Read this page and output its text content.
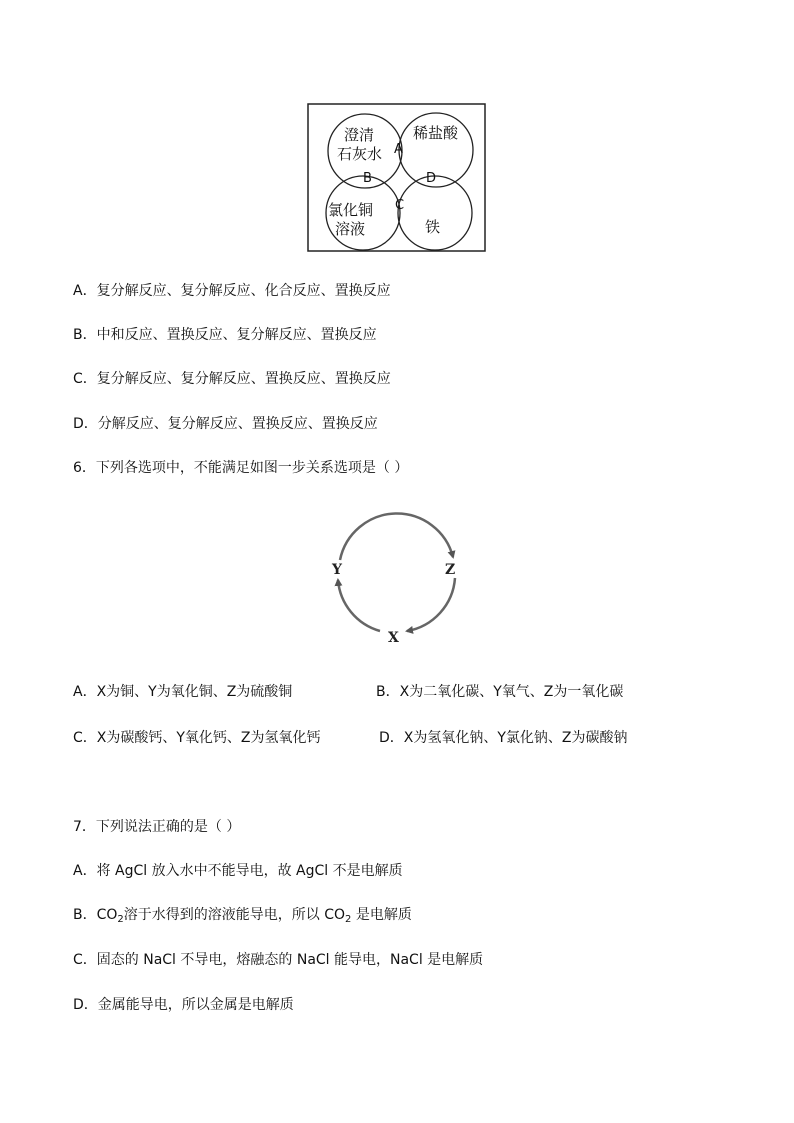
澄清
石灰水
稀盐酸
氯化铜
溶液	铁
A
B
C
D
A．复分解反应、复分解反应、化合反应、置换反应
B．中和反应、置换反应、复分解反应、置换反应
C．复分解反应、复分解反应、置换反应、置换反应
D．分解反应、复分解反应、置换反应、置换反应
6．下列各选项中，不能满足如图一步关系选项是（ ）
Y	Z
X
A．X为铜、Y为氧化铜、Z为硫酸铜	B．X为二氧化碳、Y氧气、Z为一氧化碳
C．X为碳酸钙、Y氧化钙、Z为氢氧化钙	D．X为氢氧化钠、Y氯化钠、Z为碳酸钠
7．下列说法正确的是（ ）
A．将 AgCl 放入水中不能导电，故 AgCl 不是电解质
B．$CO_2$溶于水得到的溶液能导电，所以 $CO_2$ 是电解质
C．固态的 NaCl 不导电，熔融态的 NaCl 能导电，NaCl 是电解质
D．金属能导电，所以金属是电解质
